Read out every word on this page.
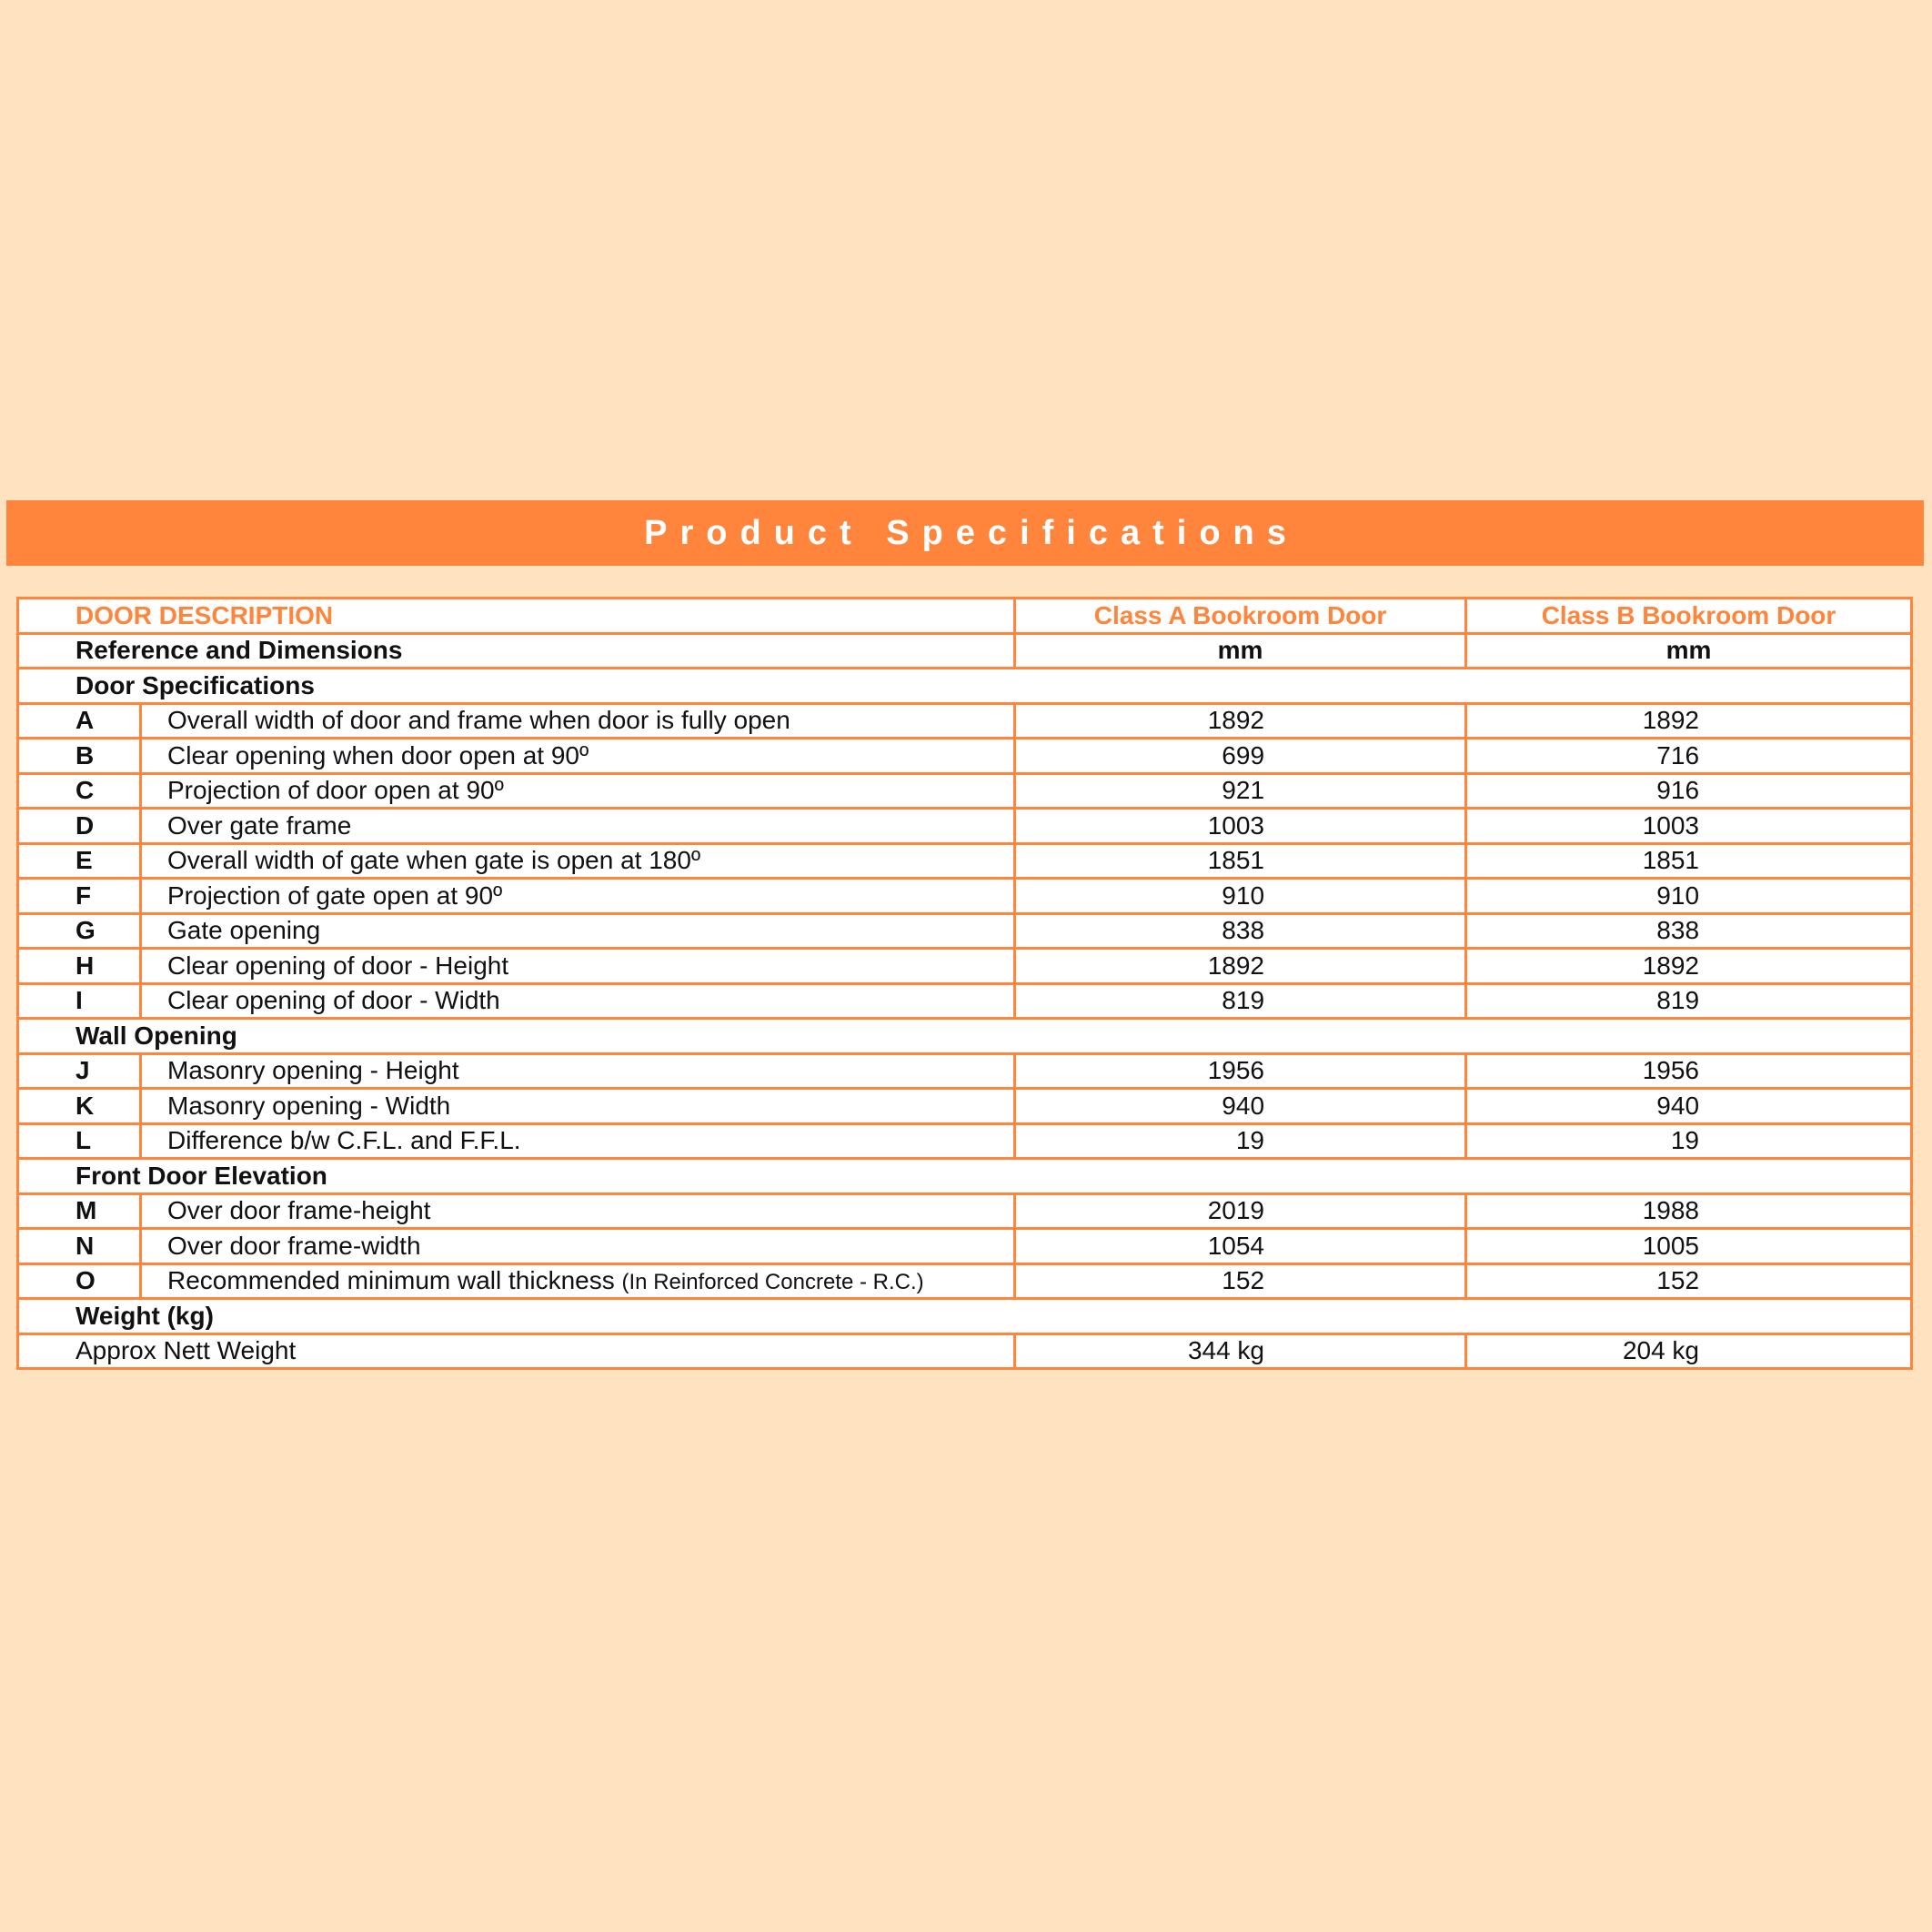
Product Specifications
DOOR DESCRIPTION		Class A Bookroom Door	Class B Bookroom Door
Reference and Dimensions		mm	mm
Door Specifications			
A	Overall width of door and frame when door is fully open	1892	1892
B	Clear opening when door open at 90º	699	716
C	Projection of door open at 90º	921	916
D	Over gate frame	1003	1003
E	Overall width of gate when gate is open at 180º	1851	1851
F	Projection of gate open at 90º	910	910
G	Gate opening	838	838
H	Clear opening of door - Height	1892	1892
I	Clear opening of door - Width	819	819
Wall Opening			
J	Masonry opening - Height	1956	1956
K	Masonry opening - Width	940	940
L	Difference b/w C.F.L. and F.F.L.	19	19
Front Door Elevation			
M	Over door frame-height	2019	1988
N	Over door frame-width	1054	1005
O	Recommended minimum wall thickness (In Reinforced Concrete - R.C.)	152	152
Weight (kg)			
Approx Nett Weight		344 kg	204 kg
